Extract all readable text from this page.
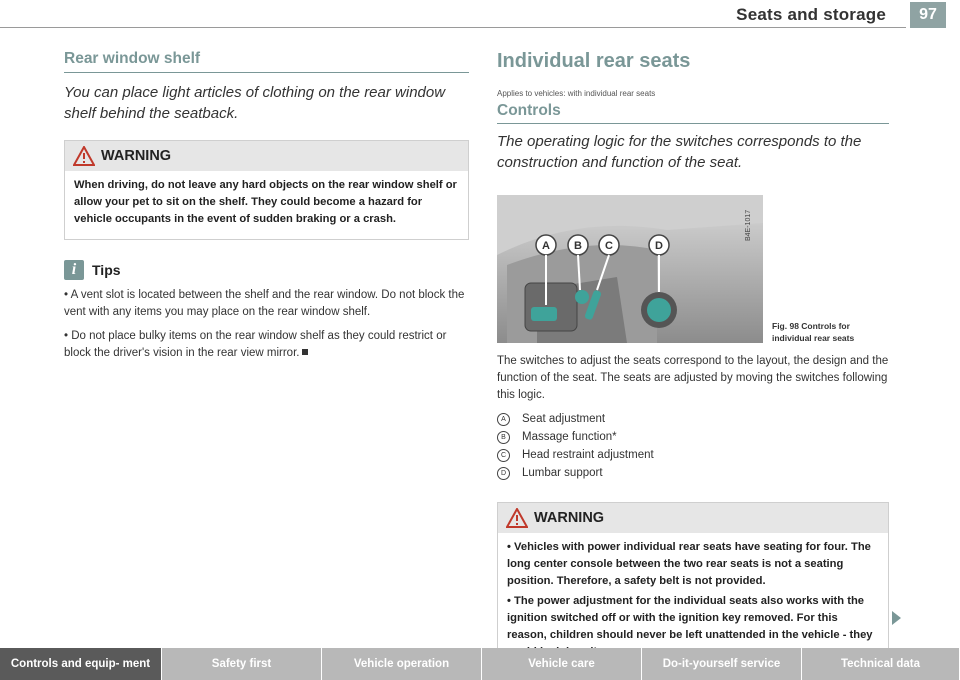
Seats and storage	97
Rear window shelf
You can place light articles of clothing on the rear window shelf behind the seatback.
WARNING

When driving, do not leave any hard objects on the rear window shelf or allow your pet to sit on the shelf. They could become a hazard for vehicle occupants in the event of sudden braking or a crash.

i	Tips
• A vent slot is located between the shelf and the rear window. Do not block the vent with any items you may place on the rear window shelf.
• Do not place bulky items on the rear window shelf as they could restrict or block the driver's vision in the rear view mirror.
Individual rear seats
Applies to vehicles: with individual rear seats
Controls
The operating logic for the switches corresponds to the construction and function of the seat.
A B C	D
B4E-1017
Fig. 98 Controls for
individual rear seats
The switches to adjust the seats correspond to the layout, the design and the function of the seat. The seats are adjusted by moving the switches following this logic.
A	Seat adjustment
B	Massage function*
C	Head restraint adjustment
D	Lumbar support
WARNING

• Vehicles with power individual rear seats have seating for four. The long center console between the two rear seats is not a seating position. Therefore, a safety belt is not provided.

• The power adjustment for the individual seats also works with the ignition switched off or with the ignition key removed. For this reason, children should never be left unattended in the vehicle - they

Controls and equip- ment	Safety first	Vehicle operation	Vehicle care	Do-it-yourself service	Technical data
